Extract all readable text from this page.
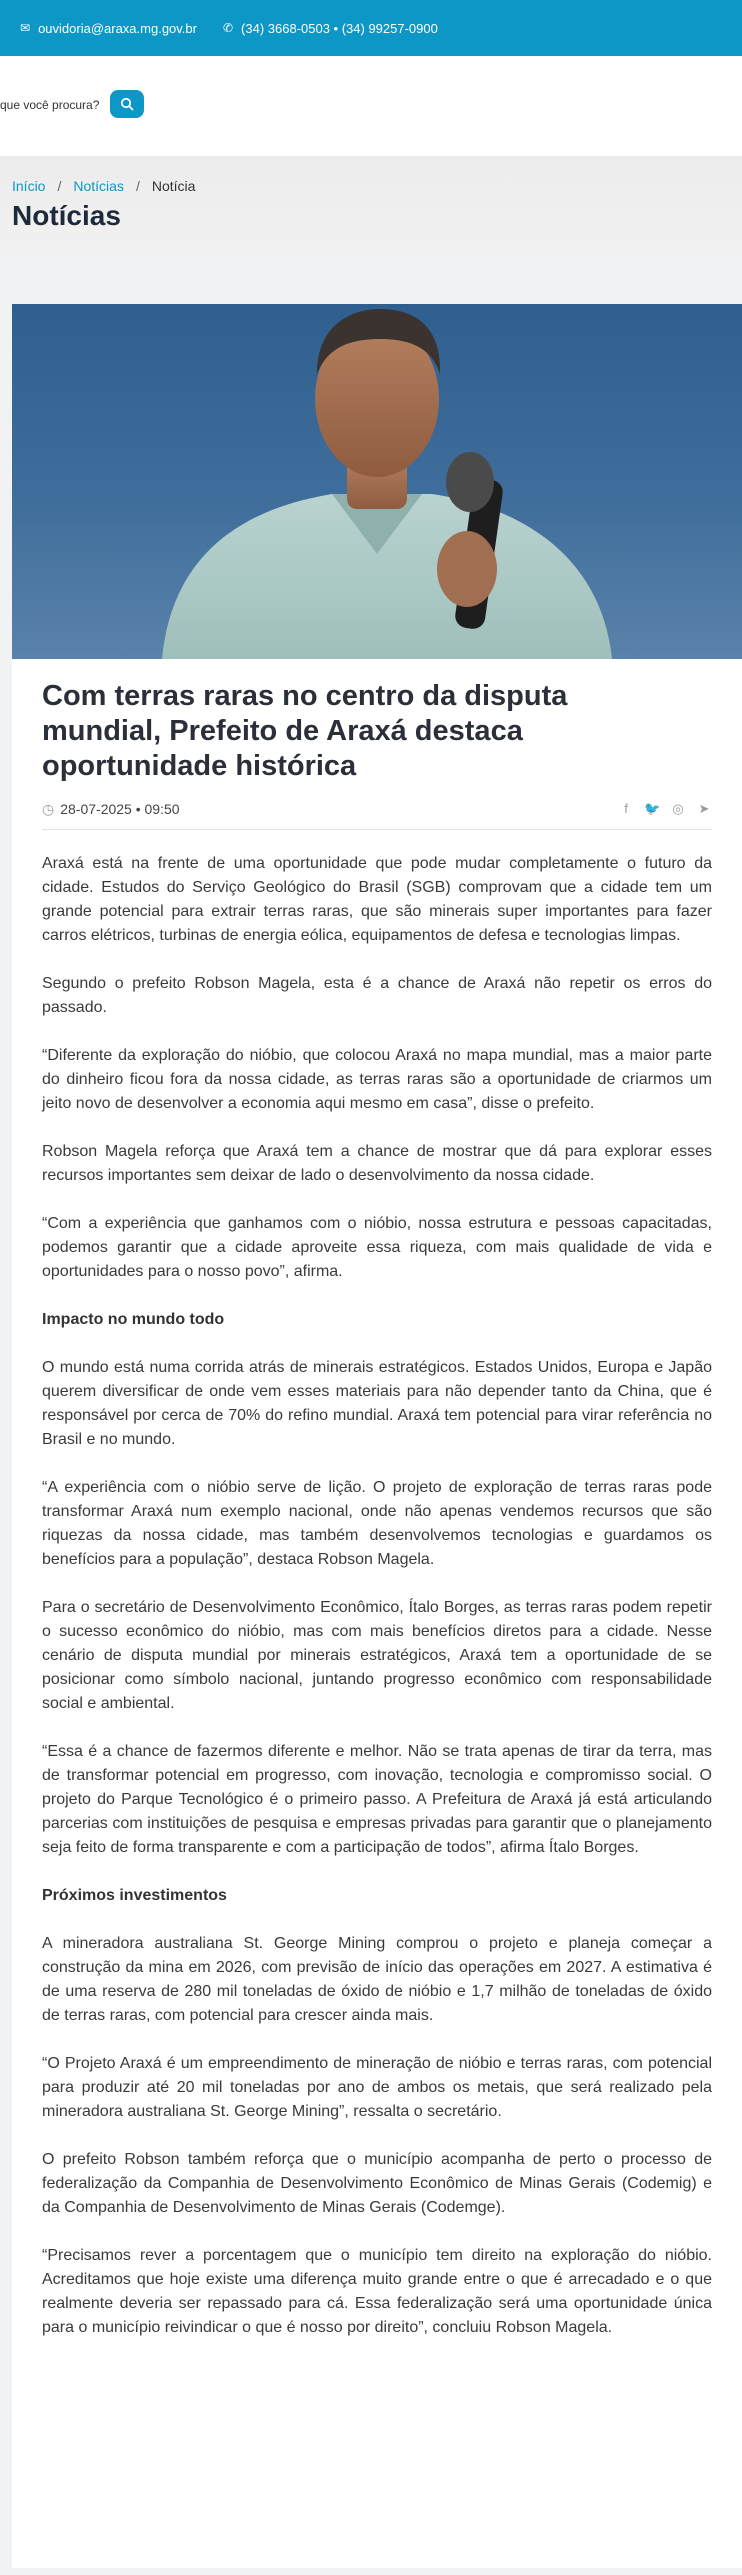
✉ ouvidoria@araxa.mg.gov.br ✆ (34) 3668-0503 • (34) 99257-0900
que você procura?
Início / Notícias / Notícia
Notícias
Com terras raras no centro da disputa mundial, Prefeito de Araxá destaca oportunidade histórica
◷ 28-07-2025 • 09:50	f	🐦 ◎ ➤

Araxá está na frente de uma oportunidade que pode mudar completamente o futuro da cidade. Estudos do Serviço Geológico do Brasil (SGB) comprovam que a cidade tem um grande potencial para extrair terras raras, que são minerais super importantes para fazer carros elétricos, turbinas de energia eólica, equipamentos de defesa e tecnologias limpas.

Segundo o prefeito Robson Magela, esta é a chance de Araxá não repetir os erros do passado.

“Diferente da exploração do nióbio, que colocou Araxá no mapa mundial, mas a maior parte do dinheiro ficou fora da nossa cidade, as terras raras são a oportunidade de criarmos um jeito novo de desenvolver a economia aqui mesmo em casa”, disse o prefeito.

Robson Magela reforça que Araxá tem a chance de mostrar que dá para explorar esses recursos importantes sem deixar de lado o desenvolvimento da nossa cidade.

“Com a experiência que ganhamos com o nióbio, nossa estrutura e pessoas capacitadas, podemos garantir que a cidade aproveite essa riqueza, com mais qualidade de vida e oportunidades para o nosso povo”, afirma.

Impacto no mundo todo

O mundo está numa corrida atrás de minerais estratégicos. Estados Unidos, Europa e Japão querem diversificar de onde vem esses materiais para não depender tanto da China, que é responsável por cerca de 70% do refino mundial. Araxá tem potencial para virar referência no Brasil e no mundo.

“A experiência com o nióbio serve de lição. O projeto de exploração de terras raras pode transformar Araxá num exemplo nacional, onde não apenas vendemos recursos que são riquezas da nossa cidade, mas também desenvolvemos tecnologias e guardamos os benefícios para a população”, destaca Robson Magela.

Para o secretário de Desenvolvimento Econômico, Ítalo Borges, as terras raras podem repetir o sucesso econômico do nióbio, mas com mais benefícios diretos para a cidade. Nesse cenário de disputa mundial por minerais estratégicos, Araxá tem a oportunidade de se posicionar como símbolo nacional, juntando progresso econômico com responsabilidade social e ambiental.

“Essa é a chance de fazermos diferente e melhor. Não se trata apenas de tirar da terra, mas de transformar potencial em progresso, com inovação, tecnologia e compromisso social. O projeto do Parque Tecnológico é o primeiro passo. A Prefeitura de Araxá já está articulando parcerias com instituições de pesquisa e empresas privadas para garantir que o planejamento seja feito de forma transparente e com a participação de todos”, afirma Ítalo Borges.

Próximos investimentos

A mineradora australiana St. George Mining comprou o projeto e planeja começar a construção da mina em 2026, com previsão de início das operações em 2027. A estimativa é de uma reserva de 280 mil toneladas de óxido de nióbio e 1,7 milhão de toneladas de óxido de terras raras, com potencial para crescer ainda mais.

“O Projeto Araxá é um empreendimento de mineração de nióbio e terras raras, com potencial para produzir até 20 mil toneladas por ano de ambos os metais, que será realizado pela mineradora australiana St. George Mining”, ressalta o secretário.

O prefeito Robson também reforça que o município acompanha de perto o processo de federalização da Companhia de Desenvolvimento Econômico de Minas Gerais (Codemig) e da Companhia de Desenvolvimento de Minas Gerais (Codemge).

“Precisamos rever a porcentagem que o município tem direito na exploração do nióbio. Acreditamos que hoje existe uma diferença muito grande entre o que é arrecadado e o que realmente deveria ser repassado para cá. Essa federalização será uma oportunidade única para o município reivindicar o que é nosso por direito”, concluiu Robson Magela.
